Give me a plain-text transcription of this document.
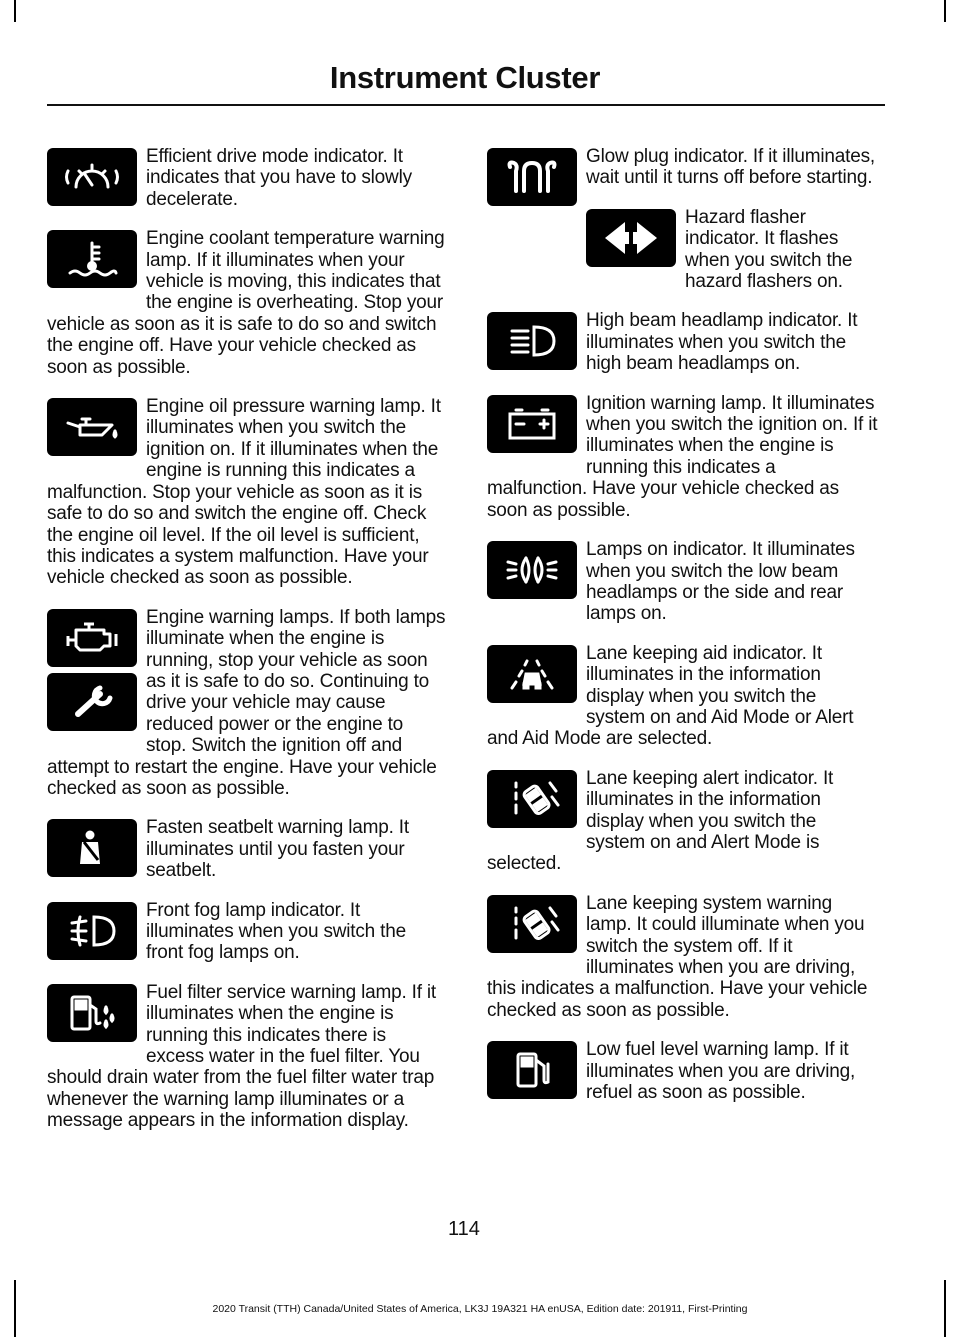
Instrument Cluster

Efficient drive mode indicator. It indicates that you have to slowly decelerate.

Engine coolant temperature warning lamp. If it illuminates when your vehicle is moving, this indicates that the engine is overheating. Stop your vehicle as soon as it is safe to do so and switch the engine off. Have your vehicle checked as soon as possible.

Engine oil pressure warning lamp. It illuminates when you switch the ignition on. If it illuminates when the engine is running this indicates a malfunction. Stop your vehicle as soon as it is safe to do so and switch the engine off. Check the engine oil level. If the oil level is sufficient, this indicates a system malfunction. Have your vehicle checked as soon as possible.

Engine warning lamps. If both lamps illuminate when the engine is running, stop your vehicle as soon as it is safe to do so. Continuing to drive your vehicle may cause reduced power or the engine to stop. Switch the ignition off and attempt to restart the engine. Have your vehicle checked as soon as possible.

Fasten seatbelt warning lamp. It illuminates until you fasten your seatbelt.

Front fog lamp indicator. It illuminates when you switch the front fog lamps on.

Fuel filter service warning lamp. If it illuminates when the engine is running this indicates there is excess water in the fuel filter. You should drain water from the fuel filter water trap whenever the warning lamp illuminates or a message appears in the information display.

Glow plug indicator. If it illuminates, wait until it turns off before starting.

Hazard flasher indicator. It flashes when you switch the hazard flashers on.

High beam headlamp indicator. It illuminates when you switch the high beam headlamps on.

Ignition warning lamp. It illuminates when you switch the ignition on. If it illuminates when the engine is running this indicates a malfunction. Have your vehicle checked as soon as possible.

Lamps on indicator. It illuminates when you switch the low beam headlamps or the side and rear lamps on.

Lane keeping aid indicator. It illuminates in the information display when you switch the system on and Aid Mode or Alert and Aid Mode are selected.

Lane keeping alert indicator. It illuminates in the information display when you switch the system on and Alert Mode is selected.

Lane keeping system warning lamp. It could illuminate when you switch the system off. If it illuminates when you are driving, this indicates a malfunction. Have your vehicle checked as soon as possible.

Low fuel level warning lamp. If it illuminates when you are driving, refuel as soon as possible.

114
2020 Transit (TTH) Canada/United States of America, LK3J 19A321 HA enUSA, Edition date: 201911, First-Printing
